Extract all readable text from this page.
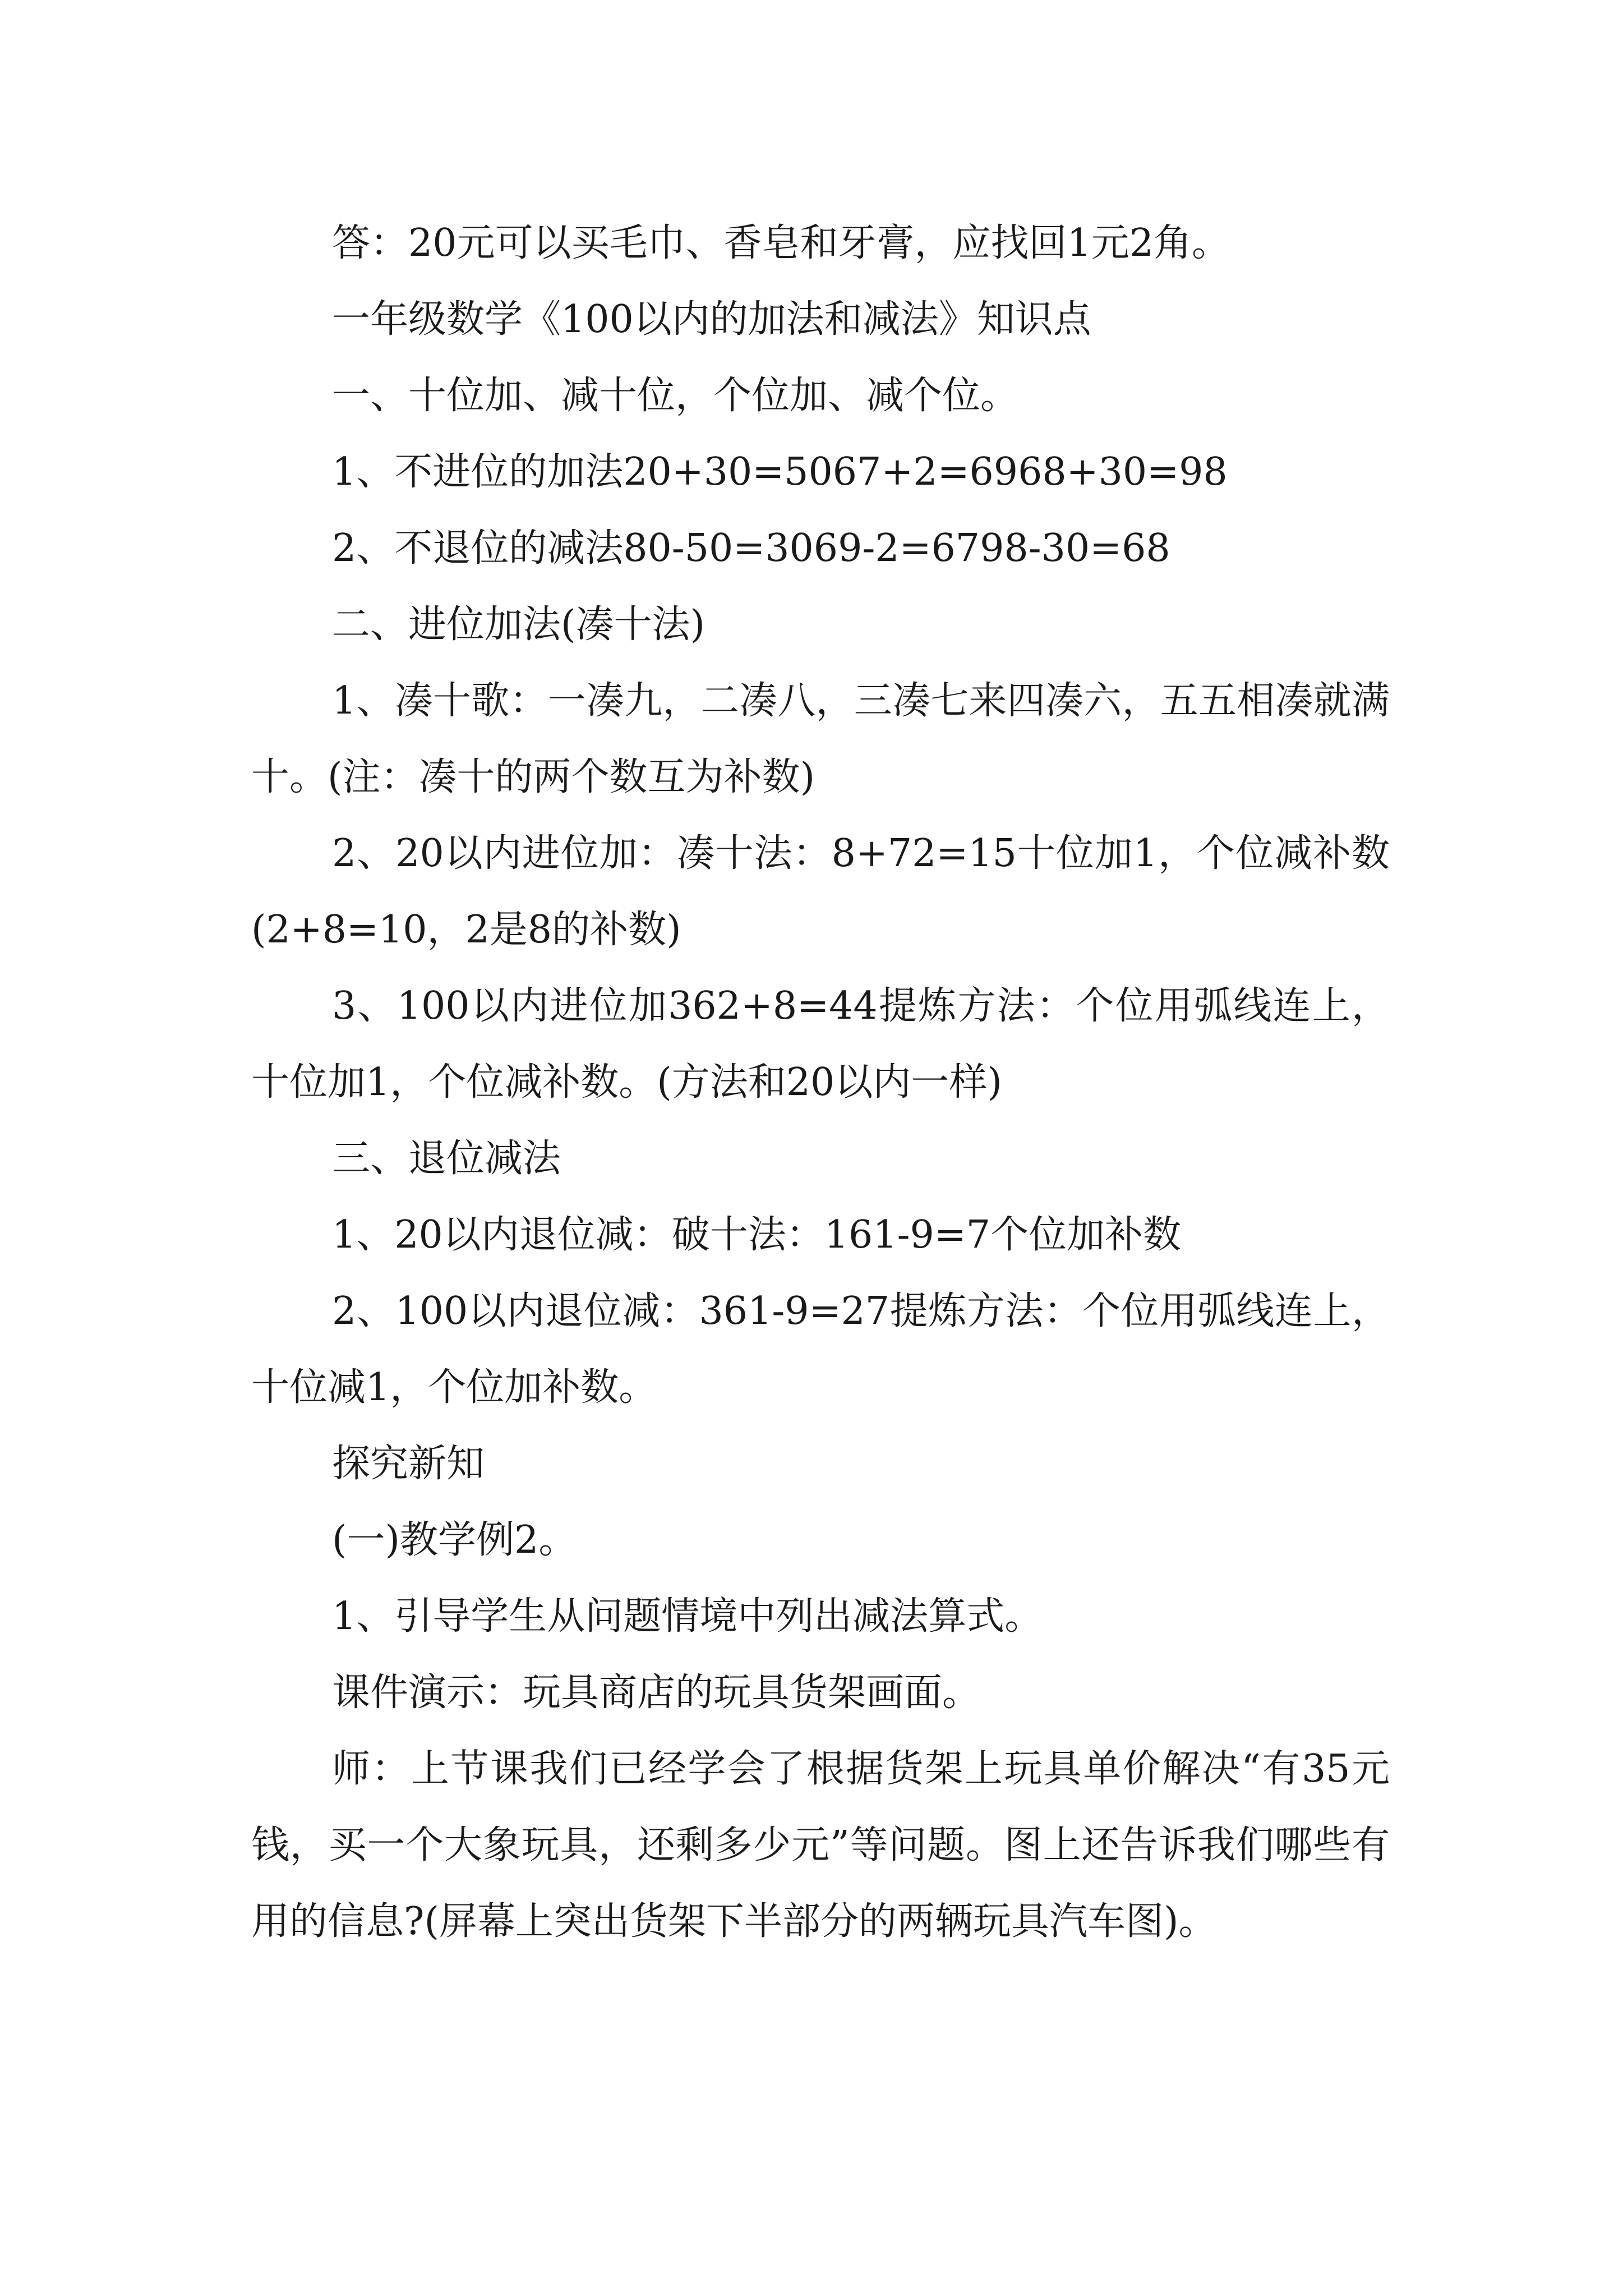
答：20元可以买毛巾、香皂和牙膏，应找回1元2角。

一年级数学《100以内的加法和减法》知识点

一、十位加、减十位，个位加、减个位。

1、不进位的加法20+30=5067+2=6968+30=98

2、不退位的减法80-50=3069-2=6798-30=68

二、进位加法(凑十法)

1、凑十歌：一凑九，二凑八，三凑七来四凑六，五五相凑就满十。(注：凑十的两个数互为补数)

2、20以内进位加：凑十法：8+72=15十位加1，个位减补数(2+8=10，2是8的补数)

3、100以内进位加362+8=44提炼方法：个位用弧线连上，十位加1，个位减补数。(方法和20以内一样)

三、退位减法

1、20以内退位减：破十法：161-9=7个位加补数

2、100以内退位减：361-9=27提炼方法：个位用弧线连上，十位减1，个位加补数。

探究新知

(一)教学例2。

1、引导学生从问题情境中列出减法算式。

课件演示：玩具商店的玩具货架画面。

师：上节课我们已经学会了根据货架上玩具单价解决“有35元钱，买一个大象玩具，还剩多少元”等问题。图上还告诉我们哪些有用的信息?(屏幕上突出货架下半部分的两辆玩具汽车图)。
